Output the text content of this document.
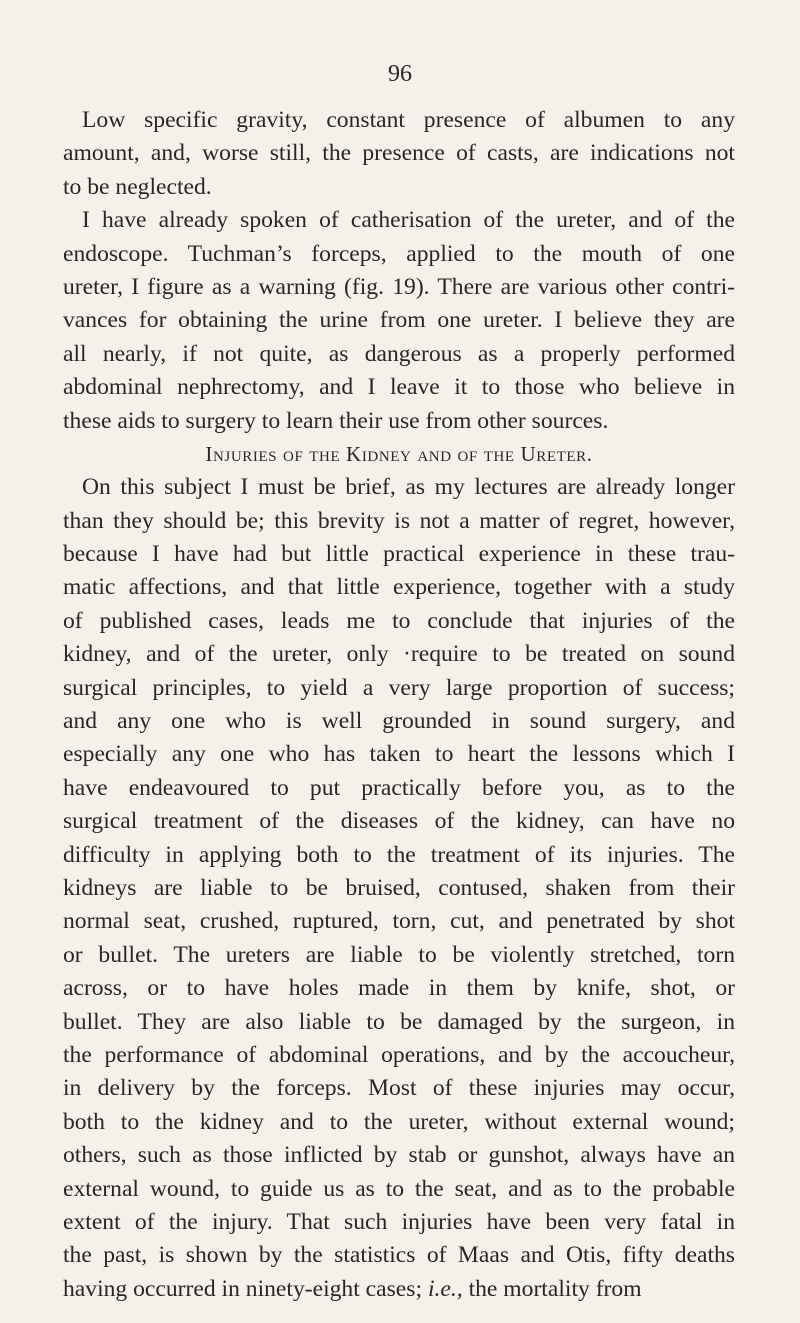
96
Low specific gravity, constant presence of albumen to any
amount, and, worse still, the presence of casts, are indications not
to be neglected.
I have already spoken of catherisation of the ureter, and of the
endoscope. Tuchman’s forceps, applied to the mouth of one
ureter, I figure as a warning (fig. 19). There are various other contri-
vances for obtaining the urine from one ureter. I believe they are
all nearly, if not quite, as dangerous as a properly performed
abdominal nephrectomy, and I leave it to those who believe in
these aids to surgery to learn their use from other sources.
Injuries of the Kidney and of the Ureter.
On this subject I must be brief, as my lectures are already longer
than they should be; this brevity is not a matter of regret, however,
because I have had but little practical experience in these trau-
matic affections, and that little experience, together with a study
of published cases, leads me to conclude that injuries of the
kidney, and of the ureter, only ·require to be treated on sound
surgical principles, to yield a very large proportion of success;
and any one who is well grounded in sound surgery, and
especially any one who has taken to heart the lessons which I
have endeavoured to put practically before you, as to the
surgical treatment of the diseases of the kidney, can have no
difficulty in applying both to the treatment of its injuries. The
kidneys are liable to be bruised, contused, shaken from their
normal seat, crushed, ruptured, torn, cut, and penetrated by shot
or bullet. The ureters are liable to be violently stretched, torn
across, or to have holes made in them by knife, shot, or
bullet. They are also liable to be damaged by the surgeon, in
the performance of abdominal operations, and by the accoucheur,
in delivery by the forceps. Most of these injuries may occur,
both to the kidney and to the ureter, without external wound;
others, such as those inflicted by stab or gunshot, always have an
external wound, to guide us as to the seat, and as to the probable
extent of the injury. That such injuries have been very fatal in
the past, is shown by the statistics of Maas and Otis, fifty deaths
having occurred in ninety-eight cases; i.e., the mortality from
